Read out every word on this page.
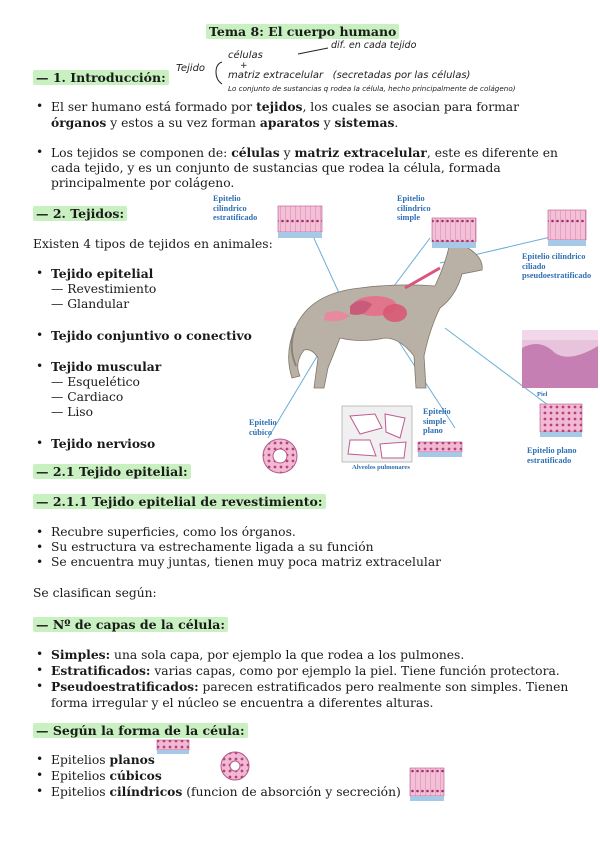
Tema 8: El cuerpo humano
Tejido
células
+
dif. en cada tejido
matriz extracelular (secretadas por las células)
Lo conjunto de sustancias q rodea la célula, hecho principalmente de colágeno)
— 1. Introducción:
• El ser humano está formado por tejidos, los cuales se asocian para formar órganos y estos a su vez forman aparatos y sistemas.
• Los tejidos se componen de: células y matriz extracelular, este es diferente en cada tejido, y es un conjunto de sustancias que rodea la célula, formada principalmente por colágeno.
— 2. Tejidos:
Existen 4 tipos de tejidos en animales:
• Tejido epitelial
— Revestimiento
— Glandular
• Tejido conjuntivo o conectivo
• Tejido muscular
— Esquelético
— Cardiaco
— Liso
• Tejido nervioso
Epitelio cilíndrico estratificado
Epitelio cilíndrico simple
Epitelio cilíndrico ciliado pseudoestratificado
Piel
Epitelio cúbico
Alveolos pulmonares
Epitelio simple plano
Epitelio plano estratificado
— 2.1 Tejido epitelial:
— 2.1.1 Tejido epitelial de revestimiento:
• Recubre superficies, como los órganos.
• Su estructura va estrechamente ligada a su función
• Se encuentra muy juntas, tienen muy poca matriz extracelular
Se clasifican según:
— Nº de capas de la célula:
• Simples: una sola capa, por ejemplo la que rodea a los pulmones.
• Estratificados: varias capas, como por ejemplo la piel. Tiene función protectora.
• Pseudoestratificados: parecen estratificados pero realmente son simples. Tienen forma irregular y el núcleo se encuentra a diferentes alturas.
— Según la forma de la céula:
• Epitelios planos
• Epitelios cúbicos
• Epitelios cilíndricos (funcion de absorción y secreción)
